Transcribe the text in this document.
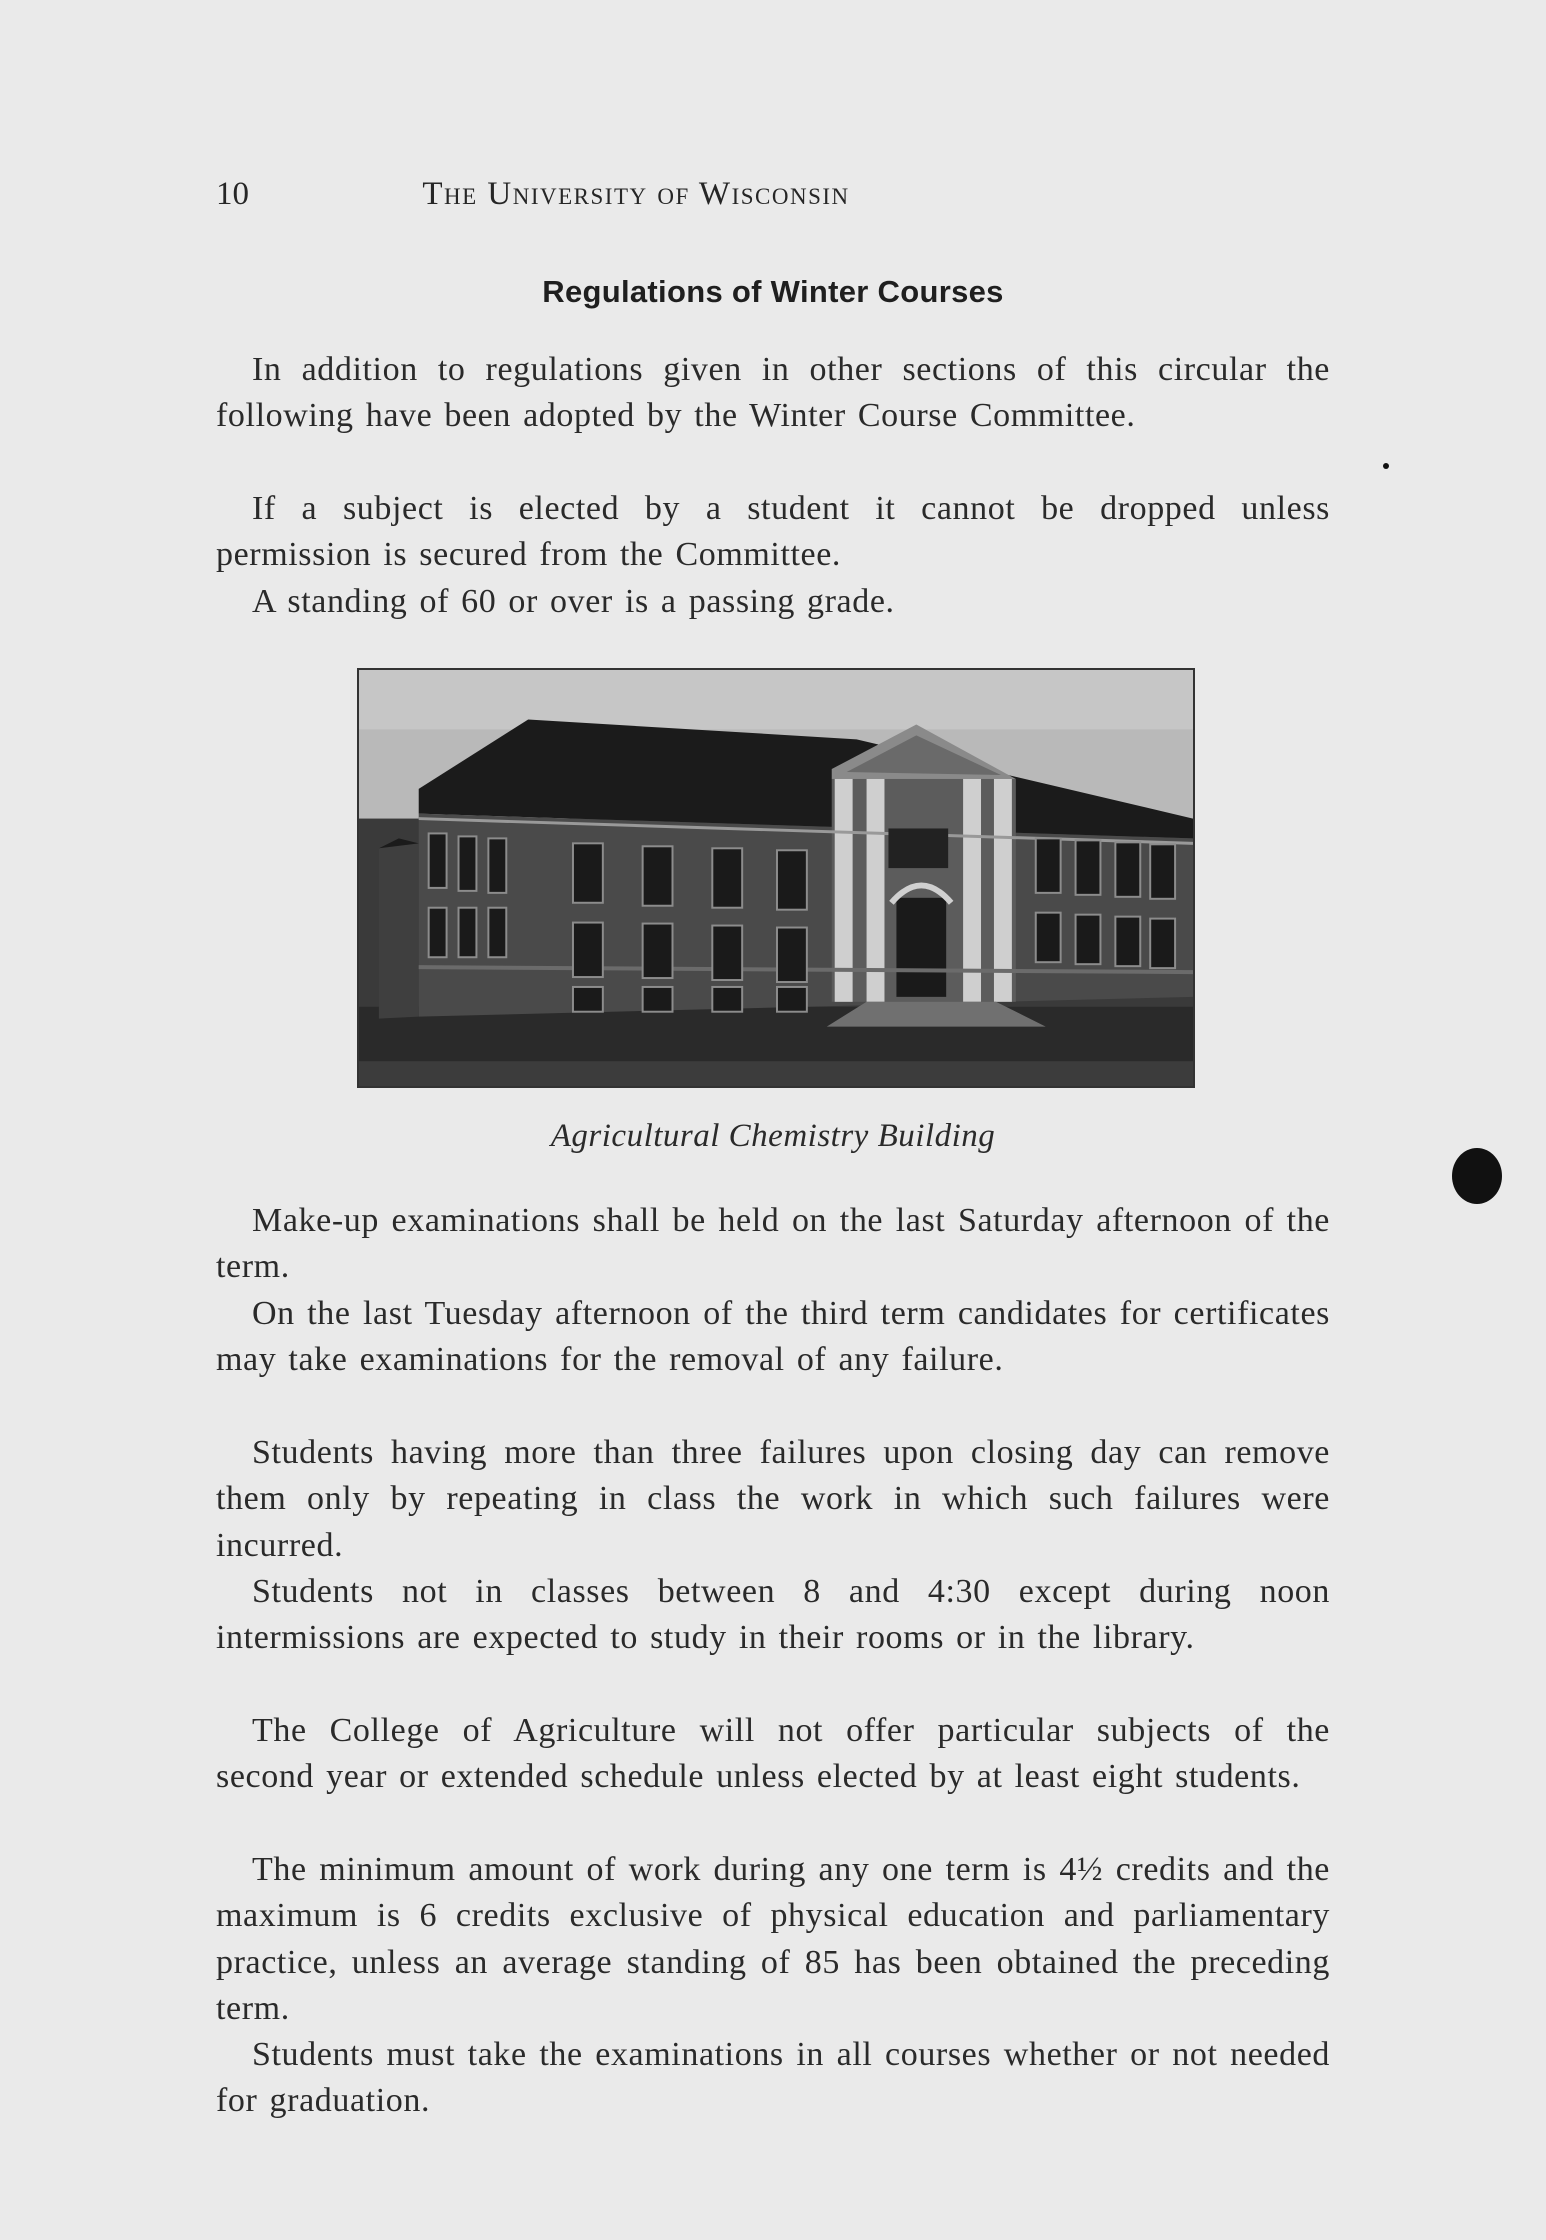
10	The University of Wisconsin
Regulations of Winter Courses

In addition to regulations given in other sections of this circular the following have been adopted by the Winter Course Committee.

If a subject is elected by a student it cannot be dropped unless permission is secured from the Committee.

A standing of 60 or over is a passing grade.

Agricultural Chemistry Building

Make-up examinations shall be held on the last Saturday afternoon of the term.

On the last Tuesday afternoon of the third term candidates for certificates may take examinations for the removal of any failure.

Students having more than three failures upon closing day can remove them only by repeating in class the work in which such failures were incurred.

Students not in classes between 8 and 4:30 except during noon intermissions are expected to study in their rooms or in the library.

The College of Agriculture will not offer particular subjects of the second year or extended schedule unless elected by at least eight students.

The minimum amount of work during any one term is 4½ credits and the maximum is 6 credits exclusive of physical education and parliamentary practice, unless an average standing of 85 has been obtained the preceding term.

Students must take the examinations in all courses whether or not needed for graduation.
